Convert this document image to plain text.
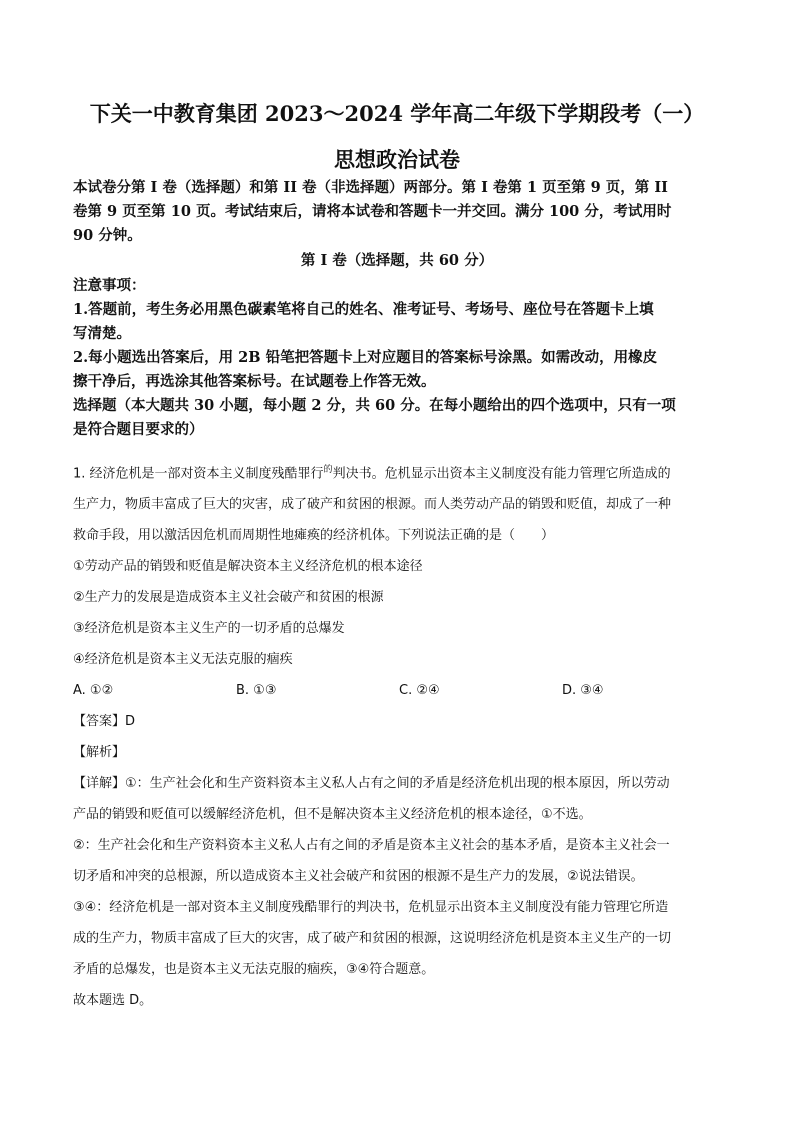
下关一中教育集团 2023～2024 学年高二年级下学期段考（一）
思想政治试卷
本试卷分第 I 卷（选择题）和第 II 卷（非选择题）两部分。第 I 卷第 1 页至第 9 页，第 II
卷第 9 页至第 10 页。考试结束后，请将本试卷和答题卡一并交回。满分 100 分，考试用时
90 分钟。
第 I 卷（选择题，共 60 分）
注意事项：
1.答题前，考生务必用黑色碳素笔将自己的姓名、准考证号、考场号、座位号在答题卡上填
写清楚。
2.每小题选出答案后，用 2B 铅笔把答题卡上对应题目的答案标号涂黑。如需改动，用橡皮
擦干净后，再选涂其他答案标号。在试题卷上作答无效。
选择题（本大题共 30 小题，每小题 2 分，共 60 分。在每小题给出的四个选项中，只有一项
是符合题目要求的）

1. 经济危机是一部对资本主义制度残酷罪行$^的$判决书。危机显示出资本主义制度没有能力管理它所造成的

生产力，物质丰富成了巨大的灾害，成了破产和贫困的根源。而人类劳动产品的销毁和贬值，却成了一种

救命手段，用以激活因危机而周期性地瘫痪的经济机体。下列说法正确的是（　　）

①劳动产品的销毁和贬值是解决资本主义经济危机的根本途径

②生产力的发展是造成资本主义社会破产和贫困的根源

③经济危机是资本主义生产的一切矛盾的总爆发

④经济危机是资本主义无法克服的痼疾

A. ①②	B. ①③	C. ②④	D. ③④

【答案】D

【解析】

【详解】①：生产社会化和生产资料资本主义私人占有之间的矛盾是经济危机出现的根本原因，所以劳动

产品的销毁和贬值可以缓解经济危机，但不是解决资本主义经济危机的根本途径，①不选。

②：生产社会化和生产资料资本主义私人占有之间的矛盾是资本主义社会的基本矛盾，是资本主义社会一

切矛盾和冲突的总根源，所以造成资本主义社会破产和贫困的根源不是生产力的发展，②说法错误。

③④：经济危机是一部对资本主义制度残酷罪行的判决书，危机显示出资本主义制度没有能力管理它所造

成的生产力，物质丰富成了巨大的灾害，成了破产和贫困的根源，这说明经济危机是资本主义生产的一切

矛盾的总爆发，也是资本主义无法克服的痼疾，③④符合题意。

故本题选 D。
